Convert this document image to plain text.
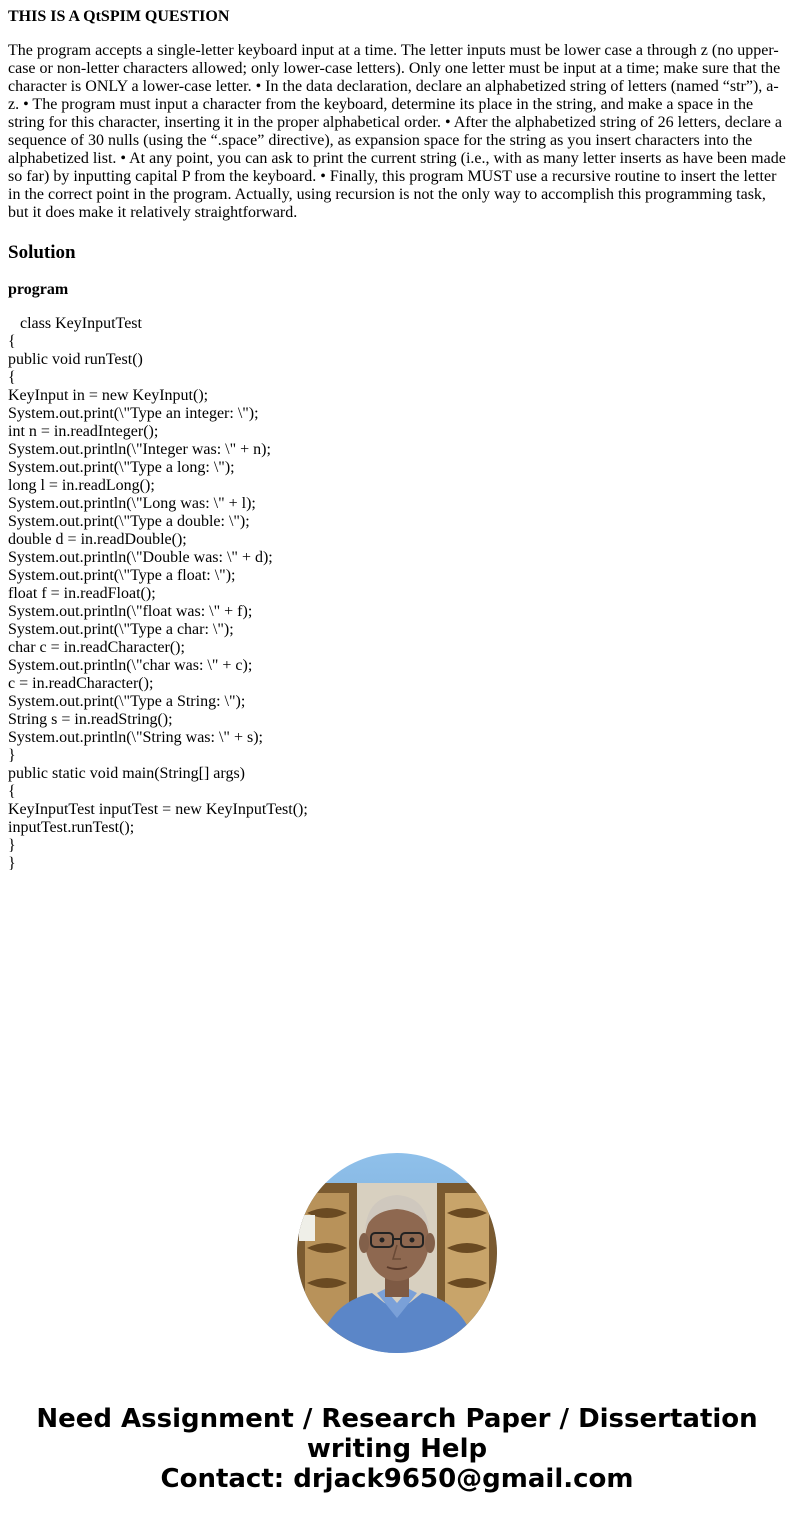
THIS IS A QtSPIM QUESTION
The program accepts a single-letter keyboard input at a time. The letter inputs must be lower case a through z (no upper-case or non-letter characters allowed; only lower-case letters). Only one letter must be input at a time; make sure that the character is ONLY a lower-case letter. • In the data declaration, declare an alphabetized string of letters (named “str”), a-z. • The program must input a character from the keyboard, determine its place in the string, and make a space in the string for this character, inserting it in the proper alphabetical order. • After the alphabetized string of 26 letters, declare a sequence of 30 nulls (using the “.space” directive), as expansion space for the string as you insert characters into the alphabetized list. • At any point, you can ask to print the current string (i.e., with as many letter inserts as have been made so far) by inputting capital P from the keyboard. • Finally, this program MUST use a recursive routine to insert the letter in the correct point in the program. Actually, using recursion is not the only way to accomplish this programming task, but it does make it relatively straightforward.
Solution
program
class KeyInputTest
{
public void runTest()
{
KeyInput in = new KeyInput();
System.out.print(\"Type an integer: \");
int n = in.readInteger();
System.out.println(\"Integer was: \" + n);
System.out.print(\"Type a long: \");
long l = in.readLong();
System.out.println(\"Long was: \" + l);
System.out.print(\"Type a double: \");
double d = in.readDouble();
System.out.println(\"Double was: \" + d);
System.out.print(\"Type a float: \");
float f = in.readFloat();
System.out.println(\"float was: \" + f);
System.out.print(\"Type a char: \");
char c = in.readCharacter();
System.out.println(\"char was: \" + c);
c = in.readCharacter();
System.out.print(\"Type a String: \");
String s = in.readString();
System.out.println(\"String was: \" + s);
}
public static void main(String[] args)
{
KeyInputTest inputTest = new KeyInputTest();
inputTest.runTest();
}
}
Need Assignment / Research Paper / Dissertation
writing Help
Contact: drjack9650@gmail.com
